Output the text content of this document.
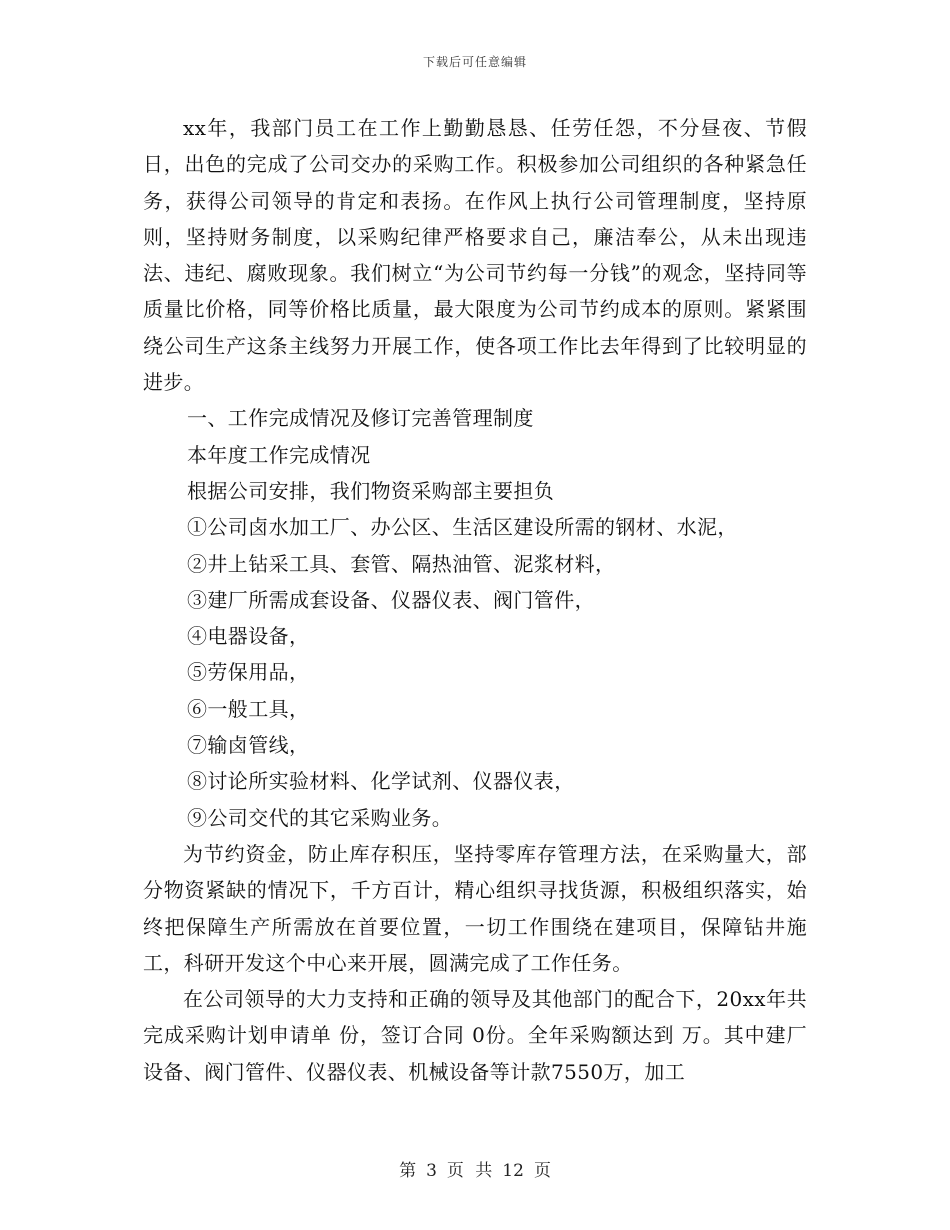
下载后可任意编辑

xx年，我部门员工在工作上勤勤恳恳、任劳任怨，不分昼夜、节假日，出色的完成了公司交办的采购工作。积极参加公司组织的各种紧急任务，获得公司领导的肯定和表扬。在作风上执行公司管理制度，坚持原则，坚持财务制度，以采购纪律严格要求自己，廉洁奉公，从未出现违法、违纪、腐败现象。我们树立“为公司节约每一分钱”的观念，坚持同等质量比价格，同等价格比质量，最大限度为公司节约成本的原则。紧紧围绕公司生产这条主线努力开展工作，使各项工作比去年得到了比较明显的进步。

一、工作完成情况及修订完善管理制度

本年度工作完成情况

根据公司安排，我们物资采购部主要担负

①公司卤水加工厂、办公区、生活区建设所需的钢材、水泥，

②井上钻采工具、套管、隔热油管、泥浆材料，

③建厂所需成套设备、仪器仪表、阀门管件，

④电器设备，

⑤劳保用品，

⑥一般工具，

⑦输卤管线，

⑧讨论所实验材料、化学试剂、仪器仪表，

⑨公司交代的其它采购业务。

为节约资金，防止库存积压，坚持零库存管理方法，在采购量大，部分物资紧缺的情况下，千方百计，精心组织寻找货源，积极组织落实，始终把保障生产所需放在首要位置，一切工作围绕在建项目，保障钻井施工，科研开发这个中心来开展，圆满完成了工作任务。

在公司领导的大力支持和正确的领导及其他部门的配合下，20xx年共完成采购计划申请单 份，签订合同 0份。全年采购额达到 万。其中建厂设备、阀门管件、仪器仪表、机械设备等计款7550万，加工

第 3 页 共 12 页
